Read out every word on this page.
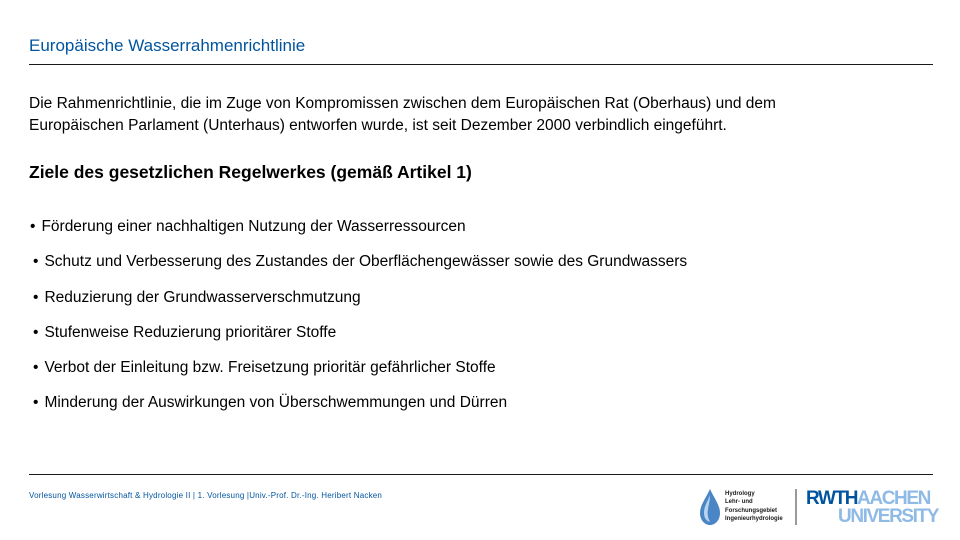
Europäische Wasserrahmenrichtlinie

Die Rahmenrichtlinie, die im Zuge von Kompromissen zwischen dem Europäischen Rat (Oberhaus) und dem
Europäischen Parlament (Unterhaus) entworfen wurde, ist seit Dezember 2000 verbindlich eingeführt.

Ziele des gesetzlichen Regelwerkes (gemäß Artikel 1)

• Förderung einer nachhaltigen Nutzung der Wasserressourcen

• Schutz und Verbesserung des Zustandes der Oberflächengewässer sowie des Grundwassers

• Reduzierung der Grundwasserverschmutzung

• Stufenweise Reduzierung prioritärer Stoffe

• Verbot der Einleitung bzw. Freisetzung prioritär gefährlicher Stoffe

• Minderung der Auswirkungen von Überschwemmungen und Dürren

Vorlesung Wasserwirtschaft & Hydrologie II | 1. Vorlesung |Univ.-Prof. Dr.-Ing. Heribert Nacken	Hydrology
Lehr- und
Forschungsgebiet
Ingenieurhydrologie
RWTHAACHEN
UNIVERSITY
